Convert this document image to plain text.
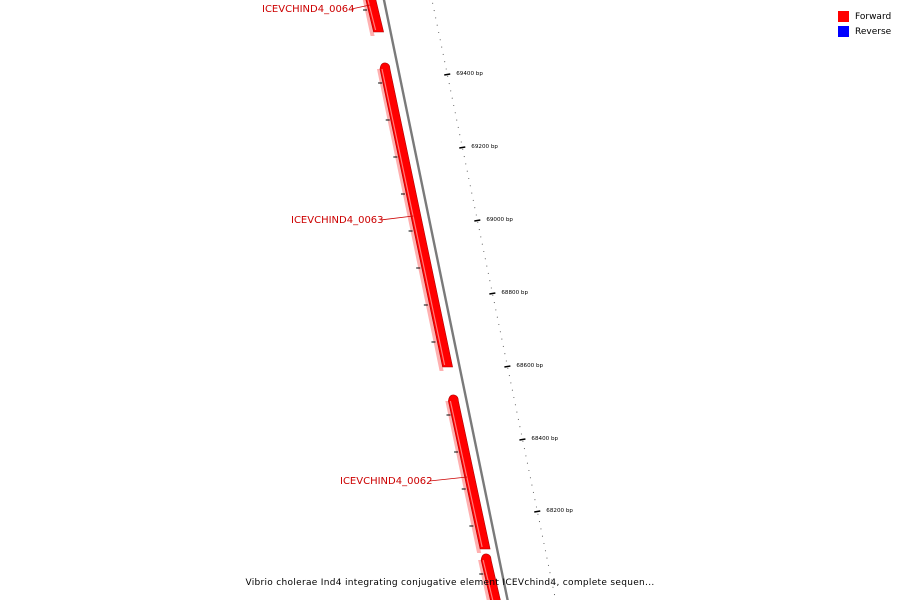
ICEVCHIND4_0064
ICEVCHIND4_0063
ICEVCHIND4_0062
69400 bp
69200 bp
69000 bp
68800 bp
68600 bp
68400 bp
68200 bp
Forward
Reverse
Vibrio cholerae Ind4 integrating conjugative element ICEVchind4, complete sequen...
